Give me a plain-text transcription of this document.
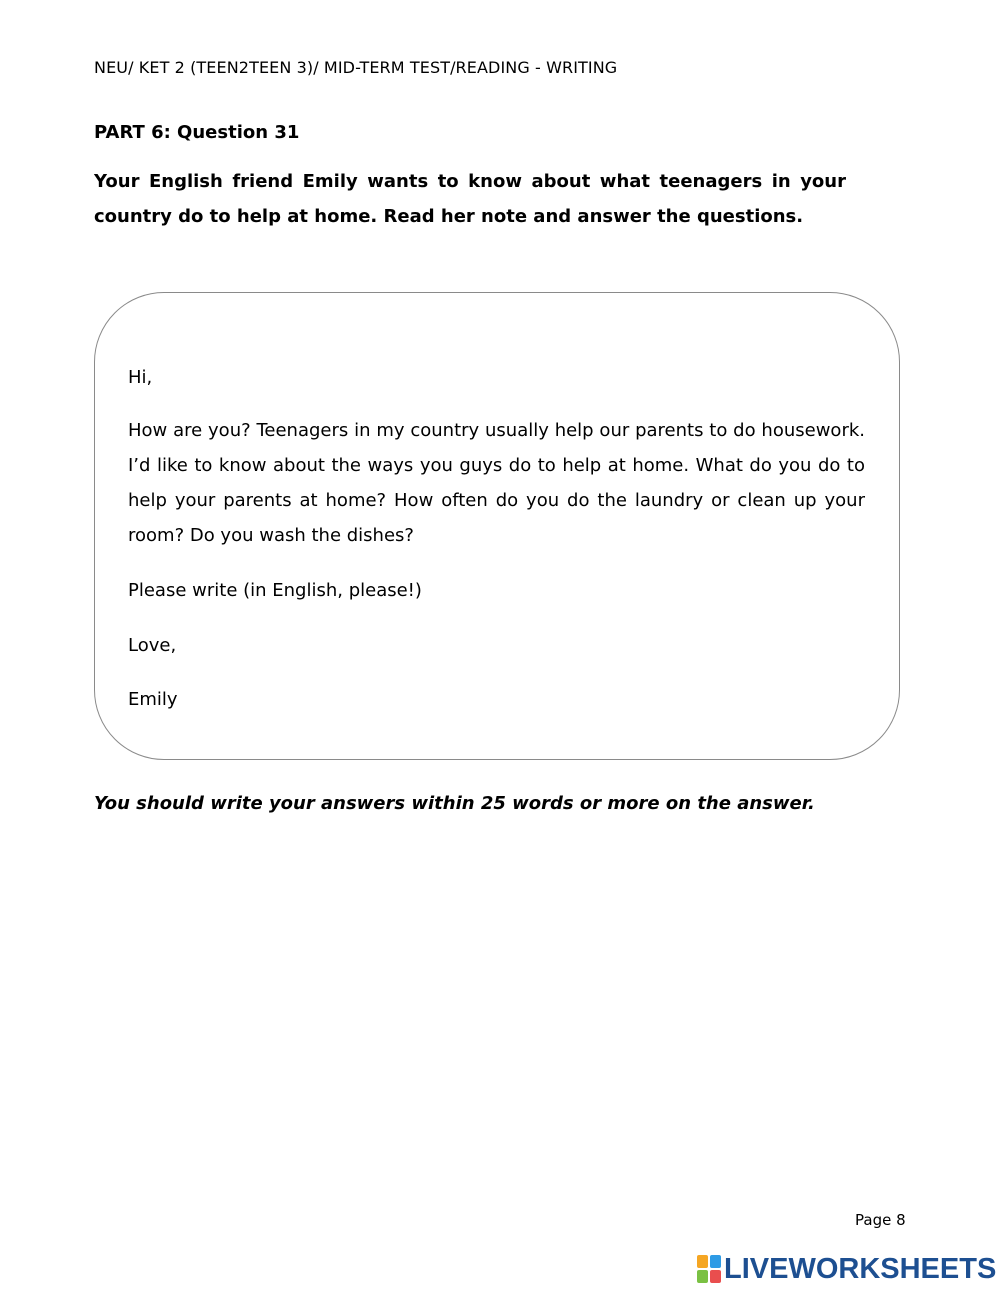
NEU/ KET 2 (TEEN2TEEN 3)/ MID-TERM TEST/READING - WRITING
PART 6: Question 31
Your English friend Emily wants to know about what teenagers in your country do to help at home. Read her note and answer the questions.
Hi,
How are you? Teenagers in my country usually help our parents to do housework. I’d like to know about the ways you guys do to help at home. What do you do to help your parents at home? How often do you do the laundry or clean up your room? Do you wash the dishes?
Please write (in English, please!)
Love,
Emily
You should write your answers within 25 words or more on the answer.
Page 8
LIVEWORKSHEETS
